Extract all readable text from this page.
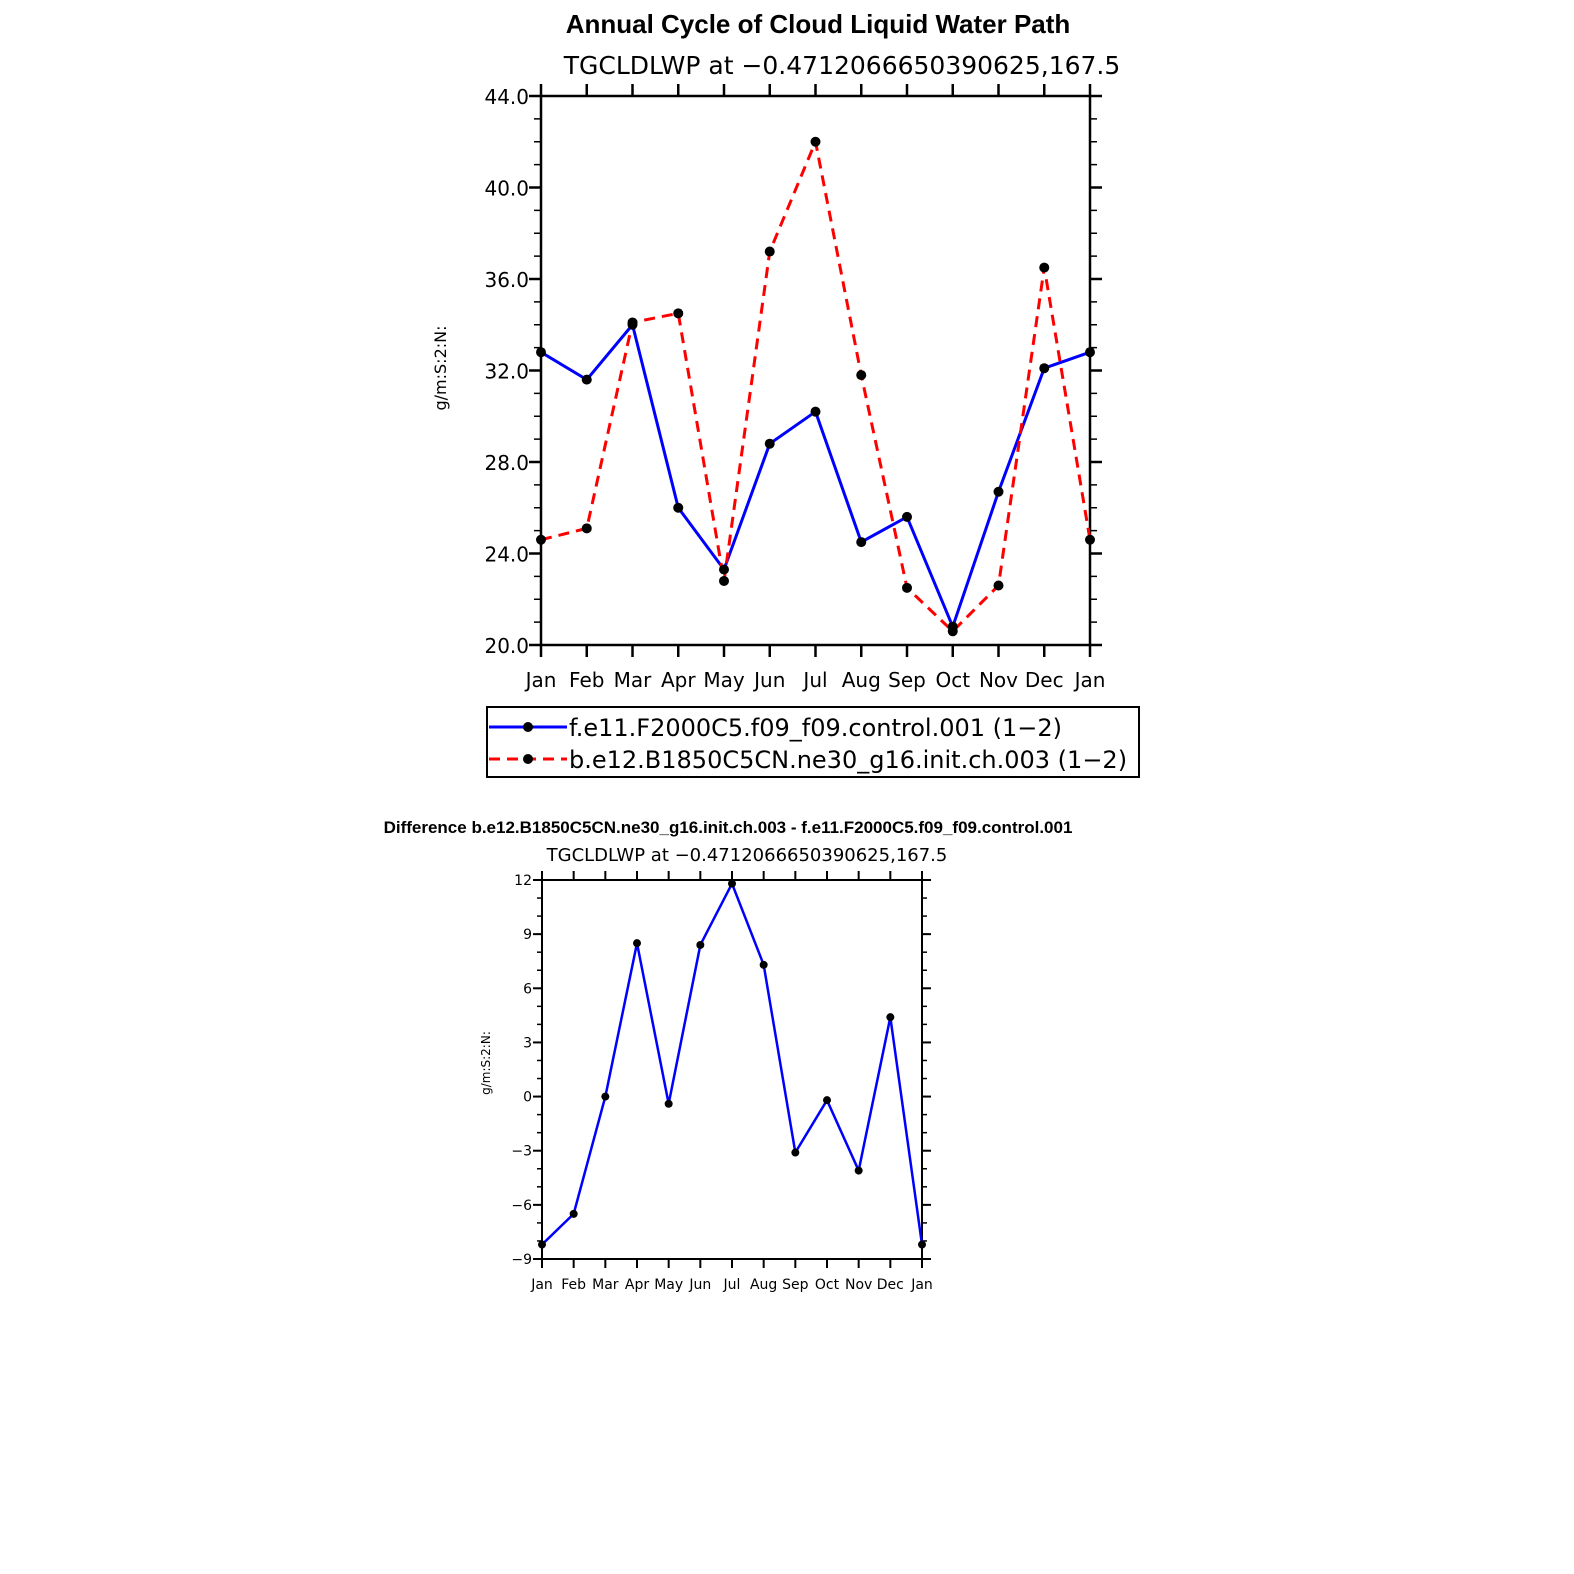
Annual Cycle of Cloud Liquid Water Path
TGCLDLWP at −0.4712066650390625,167.5
g/m:S:2:N:
Jan Feb Mar Apr May Jun Jul Aug Sep Oct Nov Dec Jan
20.0
24.0
28.0
32.0
36.0
40.0
44.0
f.e11.F2000C5.f09_f09.control.001 (1−2)
b.e12.B1850C5CN.ne30_g16.init.ch.003 (1−2)
Difference b.e12.B1850C5CN.ne30_g16.init.ch.003 - f.e11.F2000C5.f09_f09.control.001
TGCLDLWP at −0.4712066650390625,167.5
g/m:S:2:N:
Jan Feb Mar Apr May Jun Jul Aug Sep Oct Nov Dec Jan
−9
−6
−3
0
3
6
9
12
